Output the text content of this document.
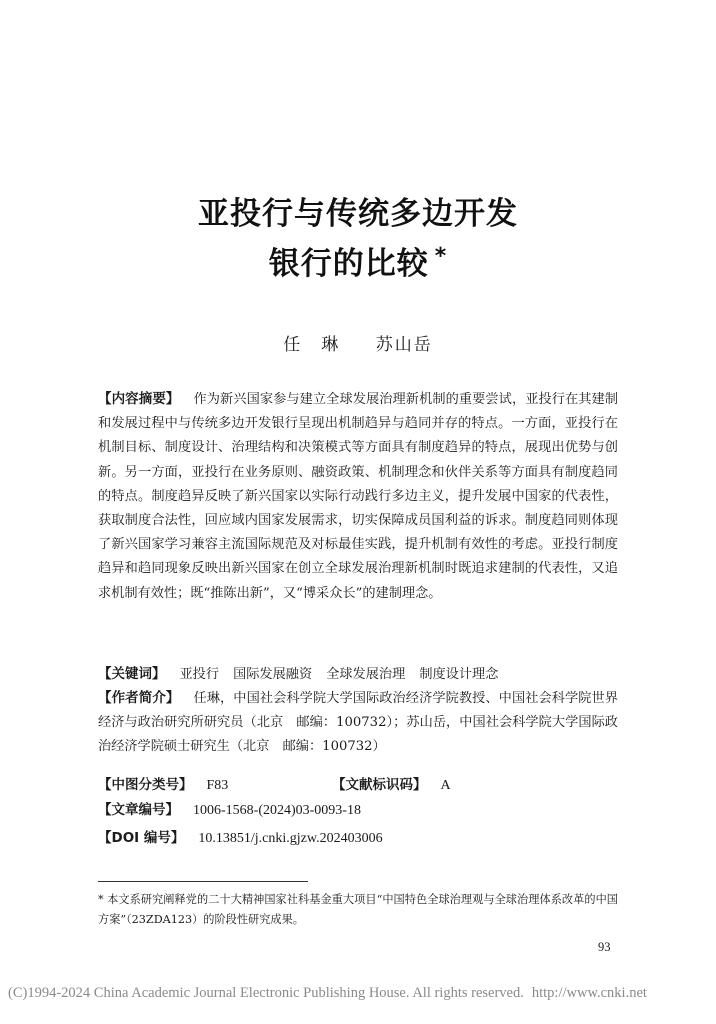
亚投行与传统多边开发
银行的比较 *
任　琳 苏山岳
【内容摘要】 作为新兴国家参与建立全球发展治理新机制的重要尝试，亚投行在其建制和发展过程中与传统多边开发银行呈现出机制趋异与趋同并存的特点。一方面，亚投行在机制目标、制度设计、治理结构和决策模式等方面具有制度趋异的特点，展现出优势与创新。另一方面，亚投行在业务原则、融资政策、机制理念和伙伴关系等方面具有制度趋同的特点。制度趋异反映了新兴国家以实际行动践行多边主义，提升发展中国家的代表性，获取制度合法性，回应域内国家发展需求，切实保障成员国利益的诉求。制度趋同则体现了新兴国家学习兼容主流国际规范及对标最佳实践，提升机制有效性的考虑。亚投行制度趋异和趋同现象反映出新兴国家在创立全球发展治理新机制时既追求建制的代表性，又追求机制有效性；既“推陈出新”，又“博采众长”的建制理念。
【关键词】 亚投行 国际发展融资 全球发展治理 制度设计理念
【作者简介】 任琳，中国社会科学院大学国际政治经济学院教授、中国社会科学院世界经济与政治研究所研究员（北京　邮编：100732）；苏山岳，中国社会科学院大学国际政治经济学院硕士研究生（北京　邮编：100732）
【中图分类号】 F83	【文献标识码】 A
【文章编号】 1006-1568-(2024)03-0093-18
【DOI 编号】 10.13851/j.cnki.gjzw.202403006
* 本文系研究阐释党的二十大精神国家社科基金重大项目“中国特色全球治理观与全球治理体系改革的中国方案”（23ZDA123）的阶段性研究成果。
93
(C)1994-2024 China Academic Journal Electronic Publishing House. All rights reserved. http://www.cnki.net
